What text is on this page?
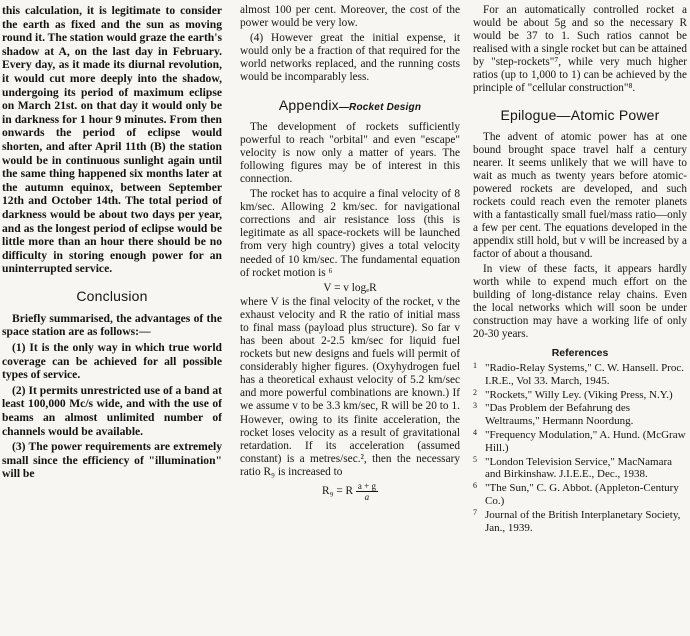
this calculation, it is legitimate to consider the earth as fixed and the sun as moving round it. The station would graze the earth's shadow at A, on the last day in February. Every day, as it made its diurnal revolution, it would cut more deeply into the shadow, undergoing its period of maximum eclipse on March 21st. on that day it would only be in darkness for 1 hour 9 minutes. From then onwards the period of eclipse would shorten, and after April 11th (B) the station would be in continuous sunlight again until the same thing happened six months later at the autumn equinox, between September 12th and October 14th. The total period of darkness would be about two days per year, and as the longest period of eclipse would be little more than an hour there should be no difficulty in storing enough power for an uninterrupted service.

Conclusion

Briefly summarised, the advantages of the space station are as follows:—

(1) It is the only way in which true world coverage can be achieved for all possible types of service.

(2) It permits unrestricted use of a band at least 100,000 Mc/s wide, and with the use of beams an almost unlimited number of channels would be available.

(3) The power requirements are extremely small since the efficiency of "illumination" will be

almost 100 per cent. Moreover, the cost of the power would be very low.

(4) However great the initial expense, it would only be a fraction of that required for the world networks replaced, and the running costs would be incomparably less.

Appendix—Rocket Design

The development of rockets sufficiently powerful to reach "orbital" and even "escape" velocity is now only a matter of years. The following figures may be of interest in this connection.

The rocket has to acquire a final velocity of 8 km/sec. Allowing 2 km/sec. for navigational corrections and air resistance loss (this is legitimate as all space-rockets will be launched from very high country) gives a total velocity needed of 10 km/sec. The fundamental equation of rocket motion is ⁶

V = v logₑR

where V is the final velocity of the rocket, v the exhaust velocity and R the ratio of initial mass to final mass (payload plus structure). So far v has been about 2-2.5 km/sec for liquid fuel rockets but new designs and fuels will permit of considerably higher figures. (Oxyhydrogen fuel has a theoretical exhaust velocity of 5.2 km/sec and more powerful combinations are known.) If we assume v to be 3.3 km/sec, R will be 20 to 1. However, owing to its finite acceleration, the rocket loses velocity as a result of gravitational retardation. If its acceleration (assumed constant) is a metres/sec.², then the necessary ratio R₉ is increased to

R₉ = R $\frac{a + g}{a}$

For an automatically controlled rocket a would be about 5g and so the necessary R would be 37 to 1. Such ratios cannot be realised with a single rocket but can be attained by "step-rockets"⁷, while very much higher ratios (up to 1,000 to 1) can be achieved by the principle of "cellular construction"⁸.

Epilogue—Atomic Power

The advent of atomic power has at one bound brought space travel half a century nearer. It seems unlikely that we will have to wait as much as twenty years before atomic-powered rockets are developed, and such rockets could reach even the remoter planets with a fantastically small fuel/mass ratio—only a few per cent. The equations developed in the appendix still hold, but v will be increased by a factor of about a thousand.

In view of these facts, it appears hardly worth while to expend much effort on the building of long-distance relay chains. Even the local networks which will soon be under construction may have a working life of only 20-30 years.

References
1 "Radio-Relay Systems," C. W. Hansell. Proc. I.R.E., Vol 33. March, 1945.
2 "Rockets," Willy Ley. (Viking Press, N.Y.)
3 "Das Problem der Befahrung des Weltraums," Hermann Noordung.
4 "Frequency Modulation," A. Hund. (McGraw Hill.)
5 "London Television Service," MacNamara and Birkinshaw. J.I.E.E., Dec., 1938.
6 "The Sun," C. G. Abbot. (Appleton-Century Co.)
7 Journal of the British Interplanetary Society, Jan., 1939.
